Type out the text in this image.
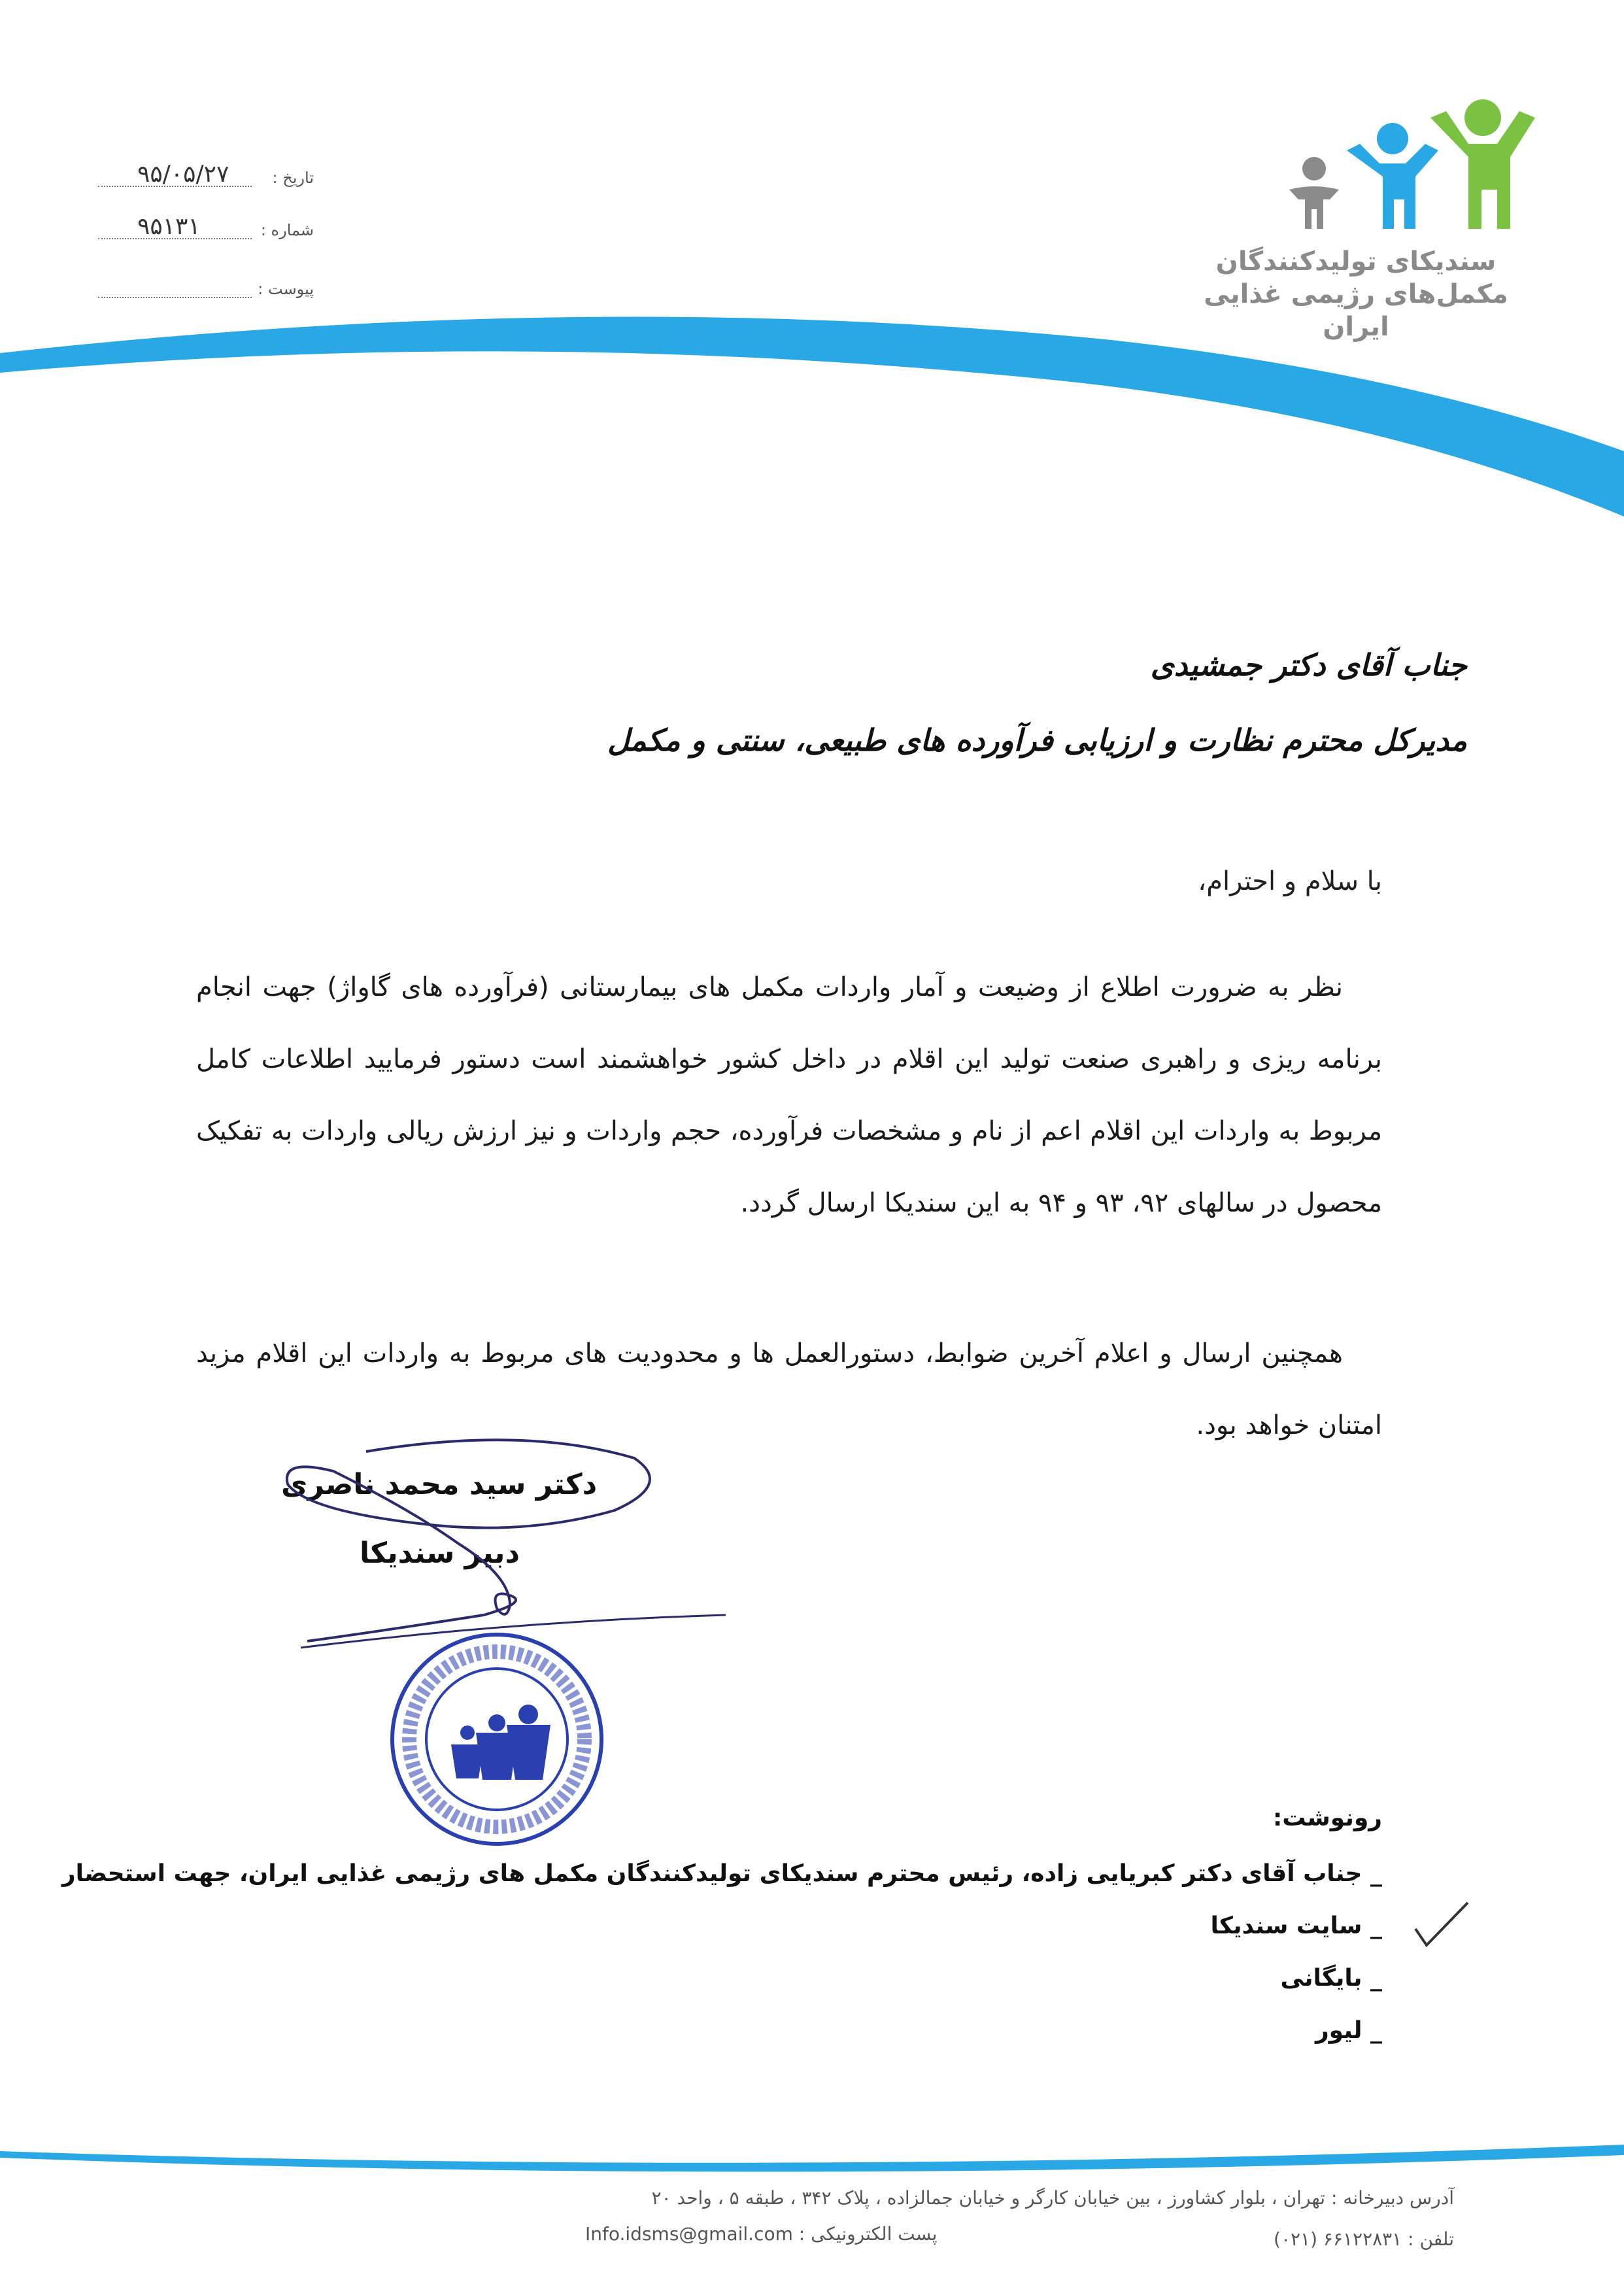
تاریخ :
۹۵/۰۵/۲۷
شماره :
۹۵۱۳۱
پیوست :
سندیکای تولیدکنندگان
مکمل‌های رژیمی غذایی
ایران
جناب آقای دکتر جمشیدی
مدیرکل محترم نظارت و ارزیابی فرآورده های طبیعی، سنتی و مکمل
با سلام و احترام،
نظر به ضرورت اطلاع از وضیعت و آمار واردات مکمل های بیمارستانی (فرآورده های گاواژ) جهت انجام برنامه ریزی و راهبری صنعت تولید این اقلام در داخل کشور خواهشمند است دستور فرمایید اطلاعات کامل مربوط به واردات این اقلام اعم از نام و مشخصات فرآورده، حجم واردات و نیز ارزش ریالی واردات به تفکیک محصول در سالهای ۹۲، ۹۳ و ۹۴ به این سندیکا ارسال گردد.
همچنین ارسال و اعلام آخرین ضوابط، دستورالعمل ها و محدودیت های مربوط به واردات این اقلام مزید امتنان خواهد بود.
دکتر سید محمد ناصری
دبیر سندیکا
رونوشت:
_ جناب آقای دکتر کبریایی زاده، رئیس محترم سندیکای تولیدکنندگان مکمل های رژیمی غذایی ایران، جهت استحضار
_ سایت سندیکا
_ بایگانی
_ لیور
آدرس دبیرخانه : تهران ، بلوار کشاورز ، بین خیابان کارگر و خیابان جمالزاده ، پلاک ۳۴۲ ، طبقه ۵ ، واحد ۲۰
تلفن : ۶۶۱۲۲۸۳۱ (۰۲۱)
Info.idsms@gmail.com پست الکترونیکی :
